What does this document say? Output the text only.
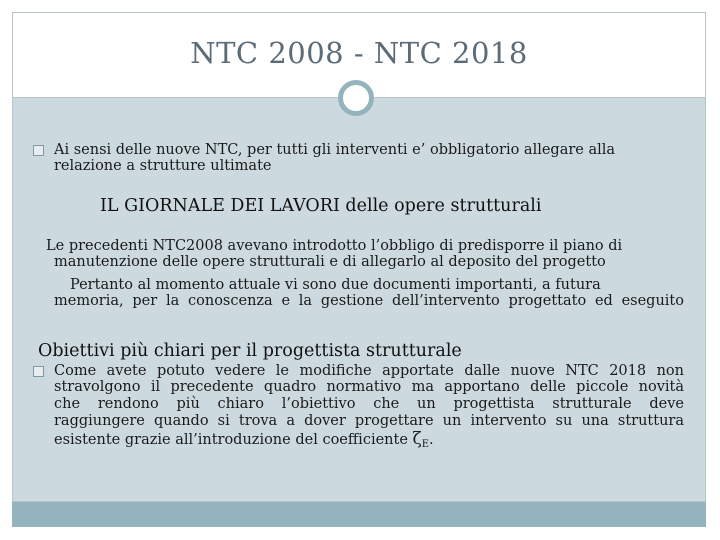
NTC 2008 - NTC 2018
Ai sensi delle nuove NTC, per tutti gli interventi e’ obbligatorio allegare alla
relazione a strutture ultimate
IL GIORNALE DEI LAVORI delle opere strutturali
Le precedenti NTC2008 avevano introdotto l’obbligo di predisporre il piano di
manutenzione delle opere strutturali e di allegarlo al deposito del progetto
Pertanto al momento attuale vi sono due documenti importanti, a futura
memoria, per la conoscenza e la gestione dell’intervento progettato ed eseguito
Obiettivi più chiari per il progettista strutturale
Come avete potuto vedere le modifiche apportate dalle nuove NTC 2018 non
stravolgono il precedente quadro normativo ma apportano delle piccole novità
che rendono più chiaro l’obiettivo che un progettista strutturale deve
raggiungere quando si trova a dover progettare un intervento su una struttura
esistente grazie all’introduzione del coefficiente $\zeta_E$.
